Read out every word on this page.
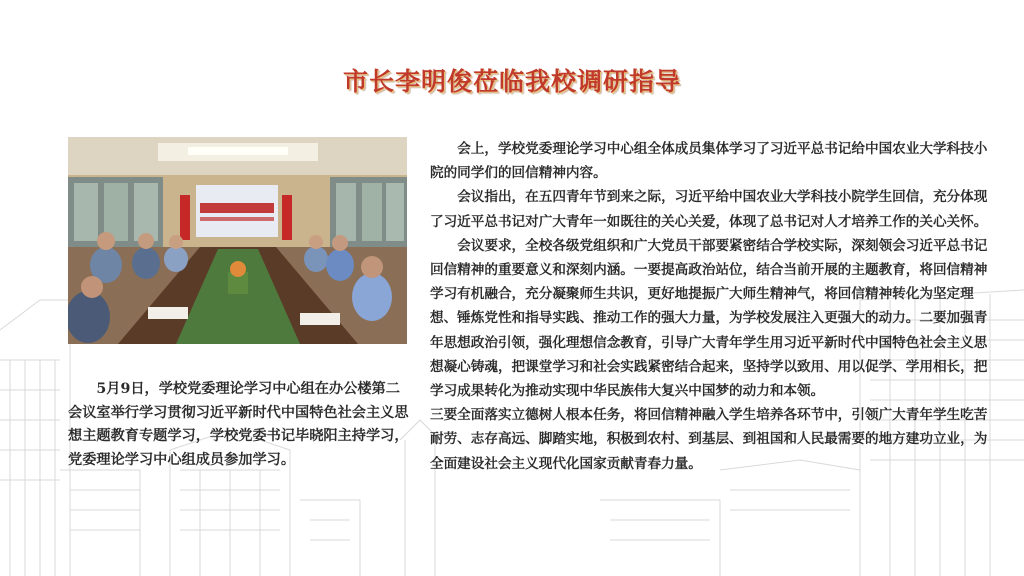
市长李明俊莅临我校调研指导

5月9日，学校党委理论学习中心组在办公楼第二会议室举行学习贯彻习近平新时代中国特色社会主义思想主题教育专题学习，学校党委书记毕晓阳主持学习，党委理论学习中心组成员参加学习。

会上，学校党委理论学习中心组全体成员集体学习了习近平总书记给中国农业大学科技小院的同学们的回信精神内容。

会议指出，在五四青年节到来之际，习近平给中国农业大学科技小院学生回信，充分体现了习近平总书记对广大青年一如既往的关心关爱，体现了总书记对人才培养工作的关心关怀。

会议要求，全校各级党组织和广大党员干部要紧密结合学校实际，深刻领会习近平总书记回信精神的重要意义和深刻内涵。一要提高政治站位，结合当前开展的主题教育，将回信精神学习有机融合，充分凝聚师生共识，更好地提振广大师生精神气，将回信精神转化为坚定理想、锤炼党性和指导实践、推动工作的强大力量，为学校发展注入更强大的动力。二要加强青年思想政治引领，强化理想信念教育，引导广大青年学生用习近平新时代中国特色社会主义思想凝心铸魂，把课堂学习和社会实践紧密结合起来，坚持学以致用、用以促学、学用相长，把学习成果转化为推动实现中华民族伟大复兴中国梦的动力和本领。

三要全面落实立德树人根本任务，将回信精神融入学生培养各环节中，引领广大青年学生吃苦耐劳、志存高远、脚踏实地，积极到农村、到基层、到祖国和人民最需要的地方建功立业，为全面建设社会主义现代化国家贡献青春力量。
